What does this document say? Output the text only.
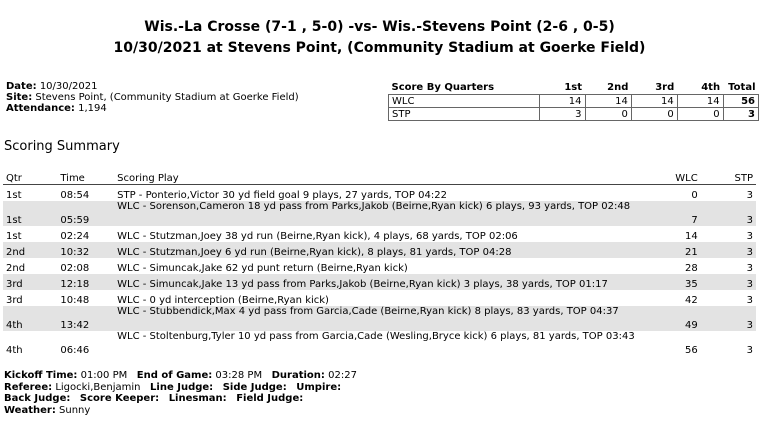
Wis.-La Crosse (7-1 , 5-0) -vs- Wis.-Stevens Point (2-6 , 0-5)
10/30/2021 at Stevens Point, (Community Stadium at Goerke Field)
Date: 10/30/2021
Site: Stevens Point, (Community Stadium at Goerke Field)
Attendance: 1,194
Score By Quarters	1st	2nd	3rd	4th	Total
WLC	14	14	14	14	56
STP	3	0	0	0	3
Scoring Summary
Qtr	Time	Scoring Play	WLC	STP
1st	08:54	STP - Ponterio,Victor 30 yd field goal 9 plays, 27 yards, TOP 04:22	0	3
1st	05:59	WLC - Sorenson,Cameron 18 yd pass from Parks,Jakob (Beirne,Ryan kick) 6 plays, 93 yards, TOP 02:48	7	3
1st	02:24	WLC - Stutzman,Joey 38 yd run (Beirne,Ryan kick), 4 plays, 68 yards, TOP 02:06	14	3
2nd	10:32	WLC - Stutzman,Joey 6 yd run (Beirne,Ryan kick), 8 plays, 81 yards, TOP 04:28	21	3
2nd	02:08	WLC - Simuncak,Jake 62 yd punt return (Beirne,Ryan kick)	28	3
3rd	12:18	WLC - Simuncak,Jake 13 yd pass from Parks,Jakob (Beirne,Ryan kick) 3 plays, 38 yards, TOP 01:17	35	3
3rd	10:48	WLC - 0 yd interception (Beirne,Ryan kick)	42	3
4th	13:42	WLC - Stubbendick,Max 4 yd pass from Garcia,Cade (Beirne,Ryan kick) 8 plays, 83 yards, TOP 04:37	49	3
4th	06:46	WLC - Stoltenburg,Tyler 10 yd pass from Garcia,Cade (Wesling,Bryce kick) 6 plays, 81 yards, TOP 03:43	56	3
Kickoff Time: 01:00 PM End of Game: 03:28 PM Duration: 02:27
Referee: Ligocki,Benjamin Line Judge: Side Judge: Umpire:
Back Judge: Score Keeper: Linesman: Field Judge:
Weather: Sunny
